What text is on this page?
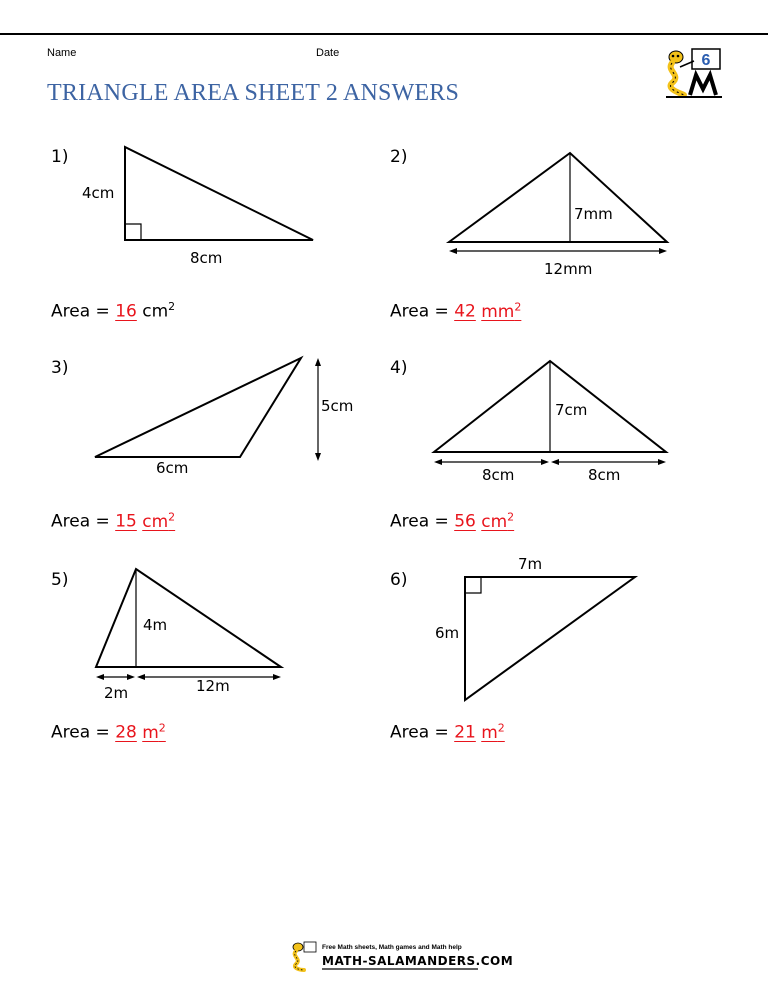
Name	Date
TRIANGLE AREA SHEET 2 ANSWERS
6
1)
4cm
8cm
Area = 16 $cm^2$
2)
7mm
12mm
Area = 42 $mm^2$
3)
5cm
6cm
Area = 15 $cm^2$
4)
7cm
8cm	8cm
Area = 56 $cm^2$
5)
4m
2m	12m
Area = 28 $m^2$
6)
7m
6m
Area = 21 $m^2$
Free Math sheets, Math games and Math help
MATH-SALAMANDERS.COM
